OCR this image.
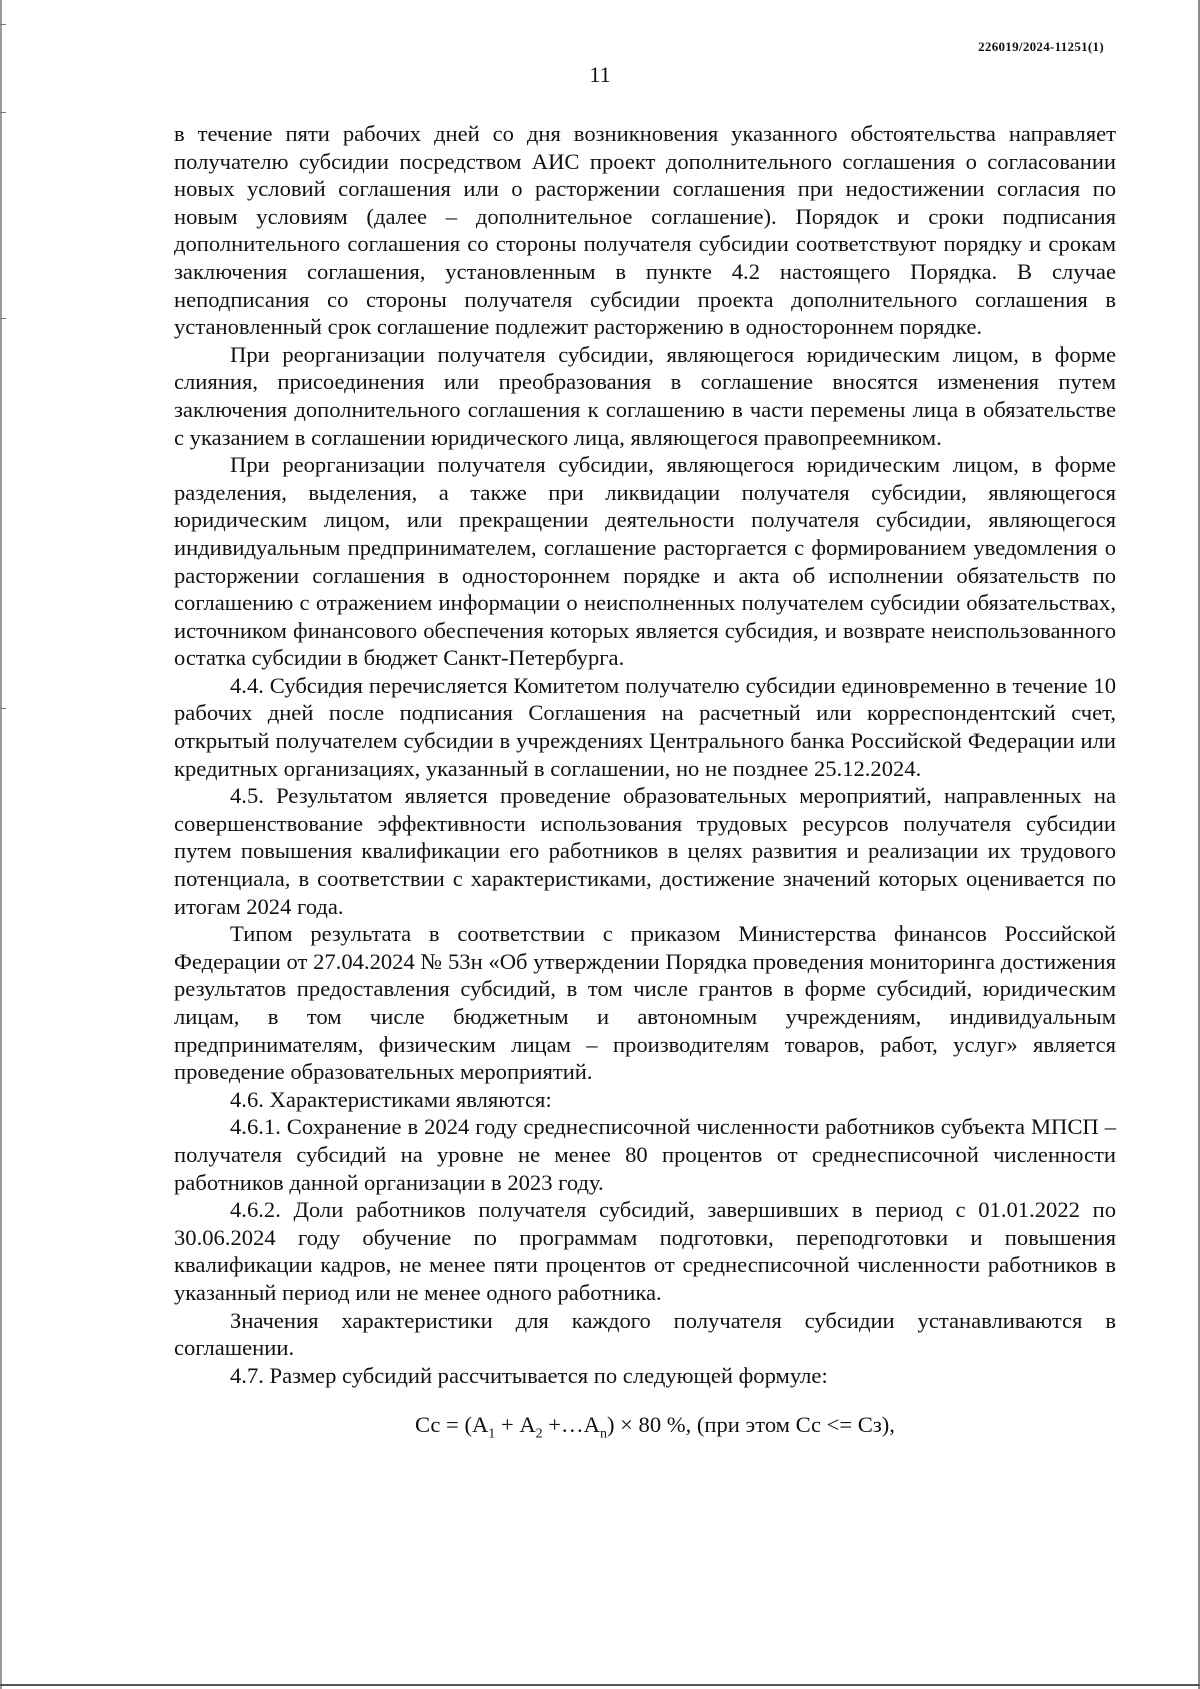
226019/2024-11251(1)
11

в течение пяти рабочих дней со дня возникновения указанного обстоятельства направляет получателю субсидии посредством АИС проект дополнительного соглашения о согласовании новых условий соглашения или о расторжении соглашения при недостижении согласия по новым условиям (далее – дополнительное соглашение). Порядок и сроки подписания дополнительного соглашения со стороны получателя субсидии соответствуют порядку и срокам заключения соглашения, установленным в пункте 4.2 настоящего Порядка. В случае неподписания со стороны получателя субсидии проекта дополнительного соглашения в установленный срок соглашение подлежит расторжению в одностороннем порядке.

При реорганизации получателя субсидии, являющегося юридическим лицом, в форме слияния, присоединения или преобразования в соглашение вносятся изменения путем заключения дополнительного соглашения к соглашению в части перемены лица в обязательстве с указанием в соглашении юридического лица, являющегося правопреемником.

При реорганизации получателя субсидии, являющегося юридическим лицом, в форме разделения, выделения, а также при ликвидации получателя субсидии, являющегося юридическим лицом, или прекращении деятельности получателя субсидии, являющегося индивидуальным предпринимателем, соглашение расторгается с формированием уведомления о расторжении соглашения в одностороннем порядке и акта об исполнении обязательств по соглашению с отражением информации о неисполненных получателем субсидии обязательствах, источником финансового обеспечения которых является субсидия, и возврате неиспользованного остатка субсидии в бюджет Санкт-Петербурга.

4.4. Субсидия перечисляется Комитетом получателю субсидии единовременно в течение 10 рабочих дней после подписания Соглашения на расчетный или корреспондентский счет, открытый получателем субсидии в учреждениях Центрального банка Российской Федерации или кредитных организациях, указанный в соглашении, но не позднее 25.12.2024.

4.5. Результатом является проведение образовательных мероприятий, направленных на совершенствование эффективности использования трудовых ресурсов получателя субсидии путем повышения квалификации его работников в целях развития и реализации их трудового потенциала, в соответствии с характеристиками, достижение значений которых оценивается по итогам 2024 года.

Типом результата в соответствии с приказом Министерства финансов Российской Федерации от 27.04.2024 № 53н «Об утверждении Порядка проведения мониторинга достижения результатов предоставления субсидий, в том числе грантов в форме субсидий, юридическим лицам, в том числе бюджетным и автономным учреждениям, индивидуальным предпринимателям, физическим лицам – производителям товаров, работ, услуг» является проведение образовательных мероприятий.

4.6. Характеристиками являются:

4.6.1. Сохранение в 2024 году среднесписочной численности работников субъекта МПСП – получателя субсидий на уровне не менее 80 процентов от среднесписочной численности работников данной организации в 2023 году.

4.6.2. Доли работников получателя субсидий, завершивших в период с 01.01.2022 по 30.06.2024 году обучение по программам подготовки, переподготовки и повышения квалификации кадров, не менее пяти процентов от среднесписочной численности работников в указанный период или не менее одного работника.

Значения характеристики для каждого получателя субсидии устанавливаются в соглашении.

4.7. Размер субсидий рассчитывается по следующей формуле:

Сс = ($А_1 + А_2$ $+\dots А_n) \times 80$ %, (при этом Сс <= Сз),
